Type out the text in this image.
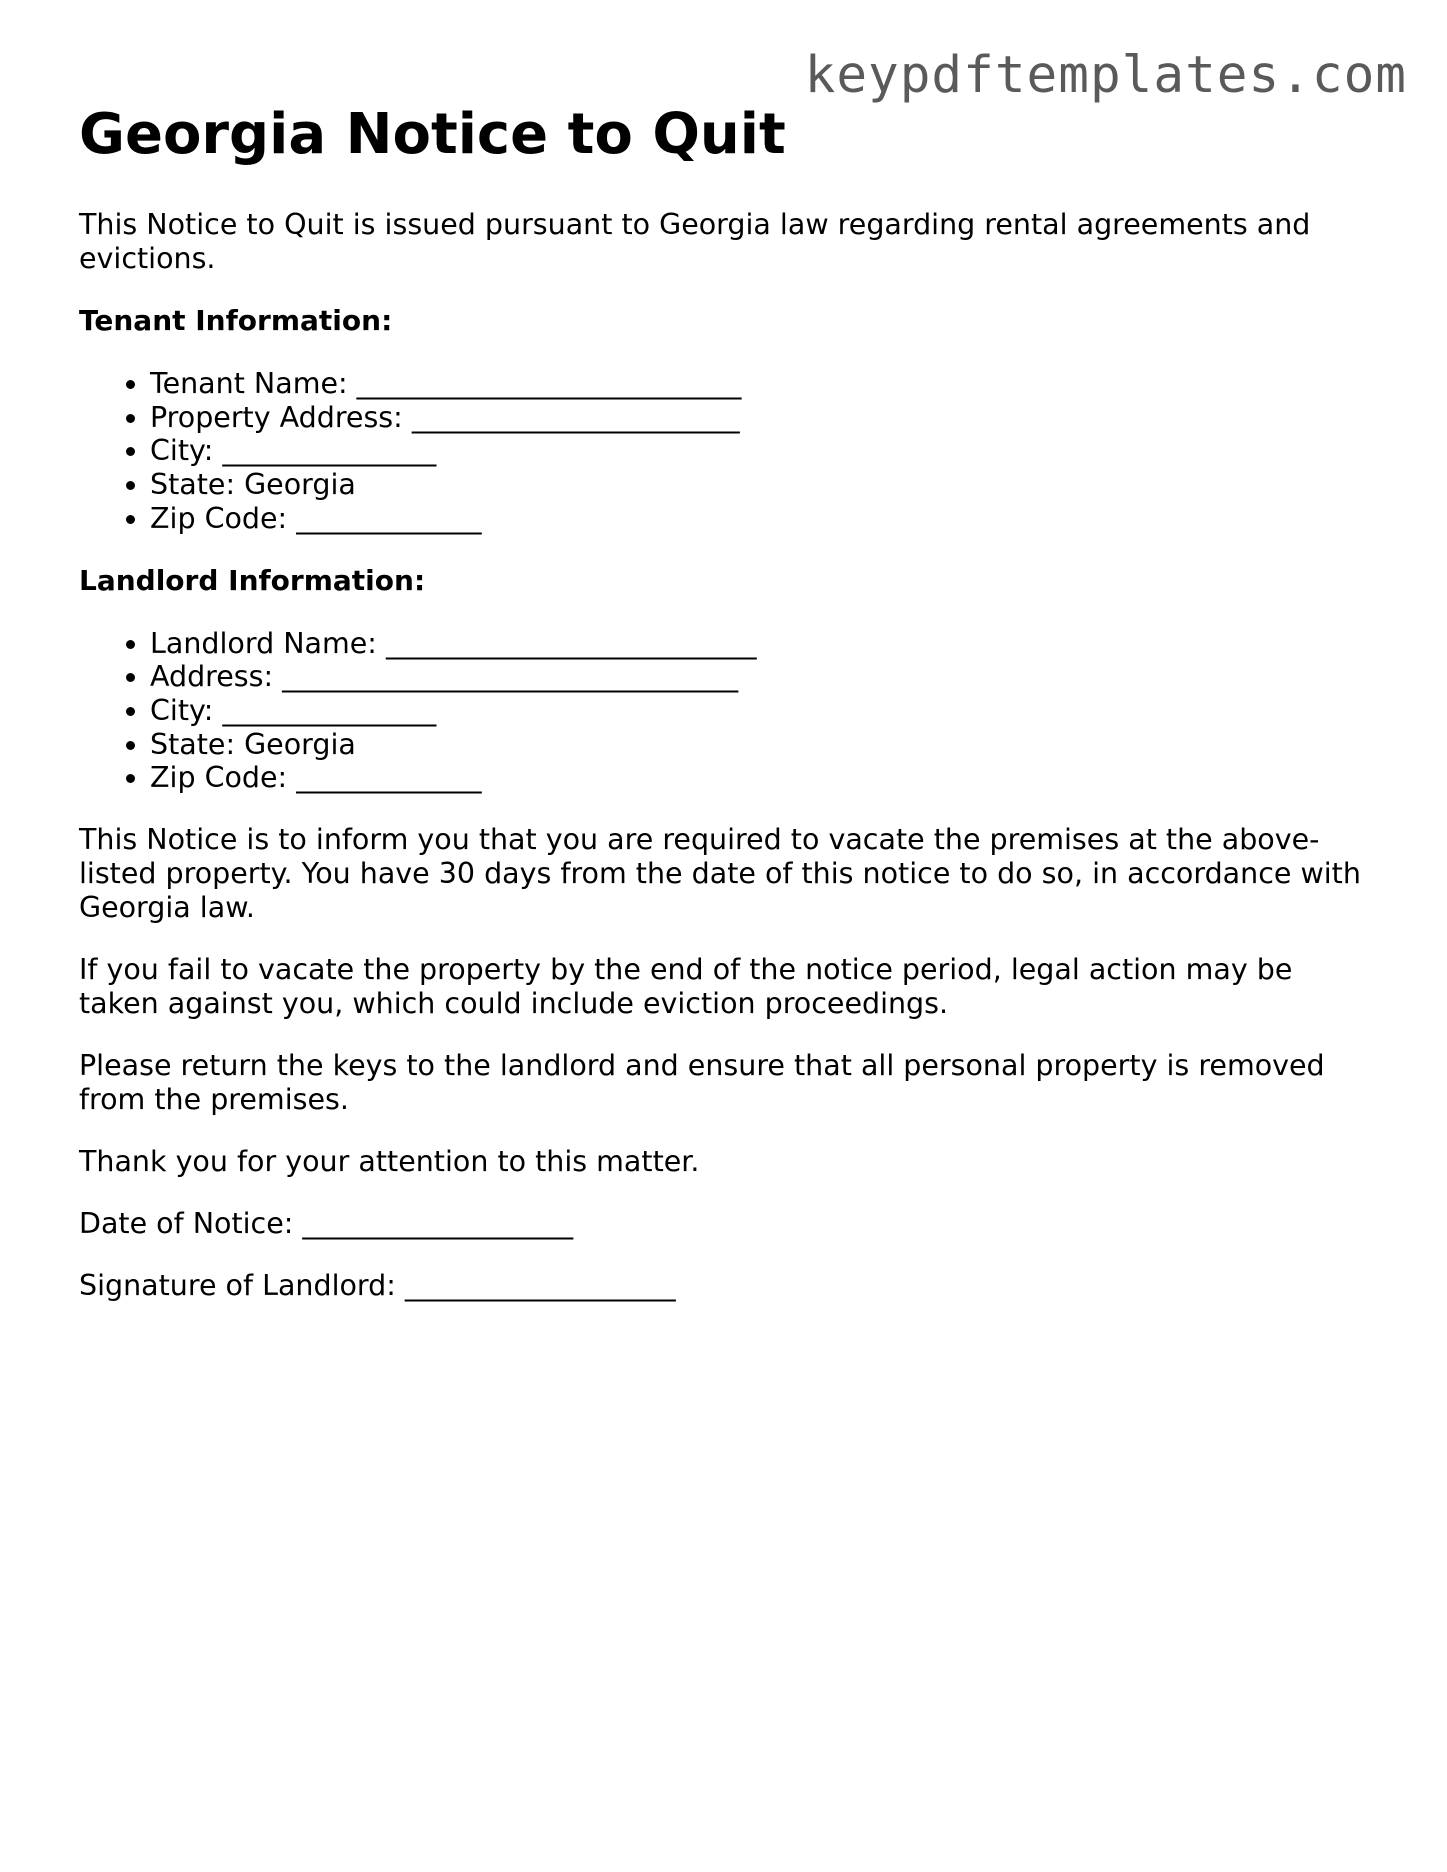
keypdftemplates.com
Georgia Notice to Quit

This Notice to Quit is issued pursuant to Georgia law regarding rental agreements and evictions.

Tenant Information:
• Tenant Name: ___________________________
• Property Address: _______________________
• City: _______________
• State: Georgia
• Zip Code: _____________
Landlord Information:
• Landlord Name: __________________________
• Address: ________________________________
• City: _______________
• State: Georgia
• Zip Code: _____________

This Notice is to inform you that you are required to vacate the premises at the above-listed property. You have 30 days from the date of this notice to do so, in accordance with Georgia law.

If you fail to vacate the property by the end of the notice period, legal action may be taken against you, which could include eviction proceedings.

Please return the keys to the landlord and ensure that all personal property is removed from the premises.

Thank you for your attention to this matter.

Date of Notice: ___________________

Signature of Landlord: ___________________
